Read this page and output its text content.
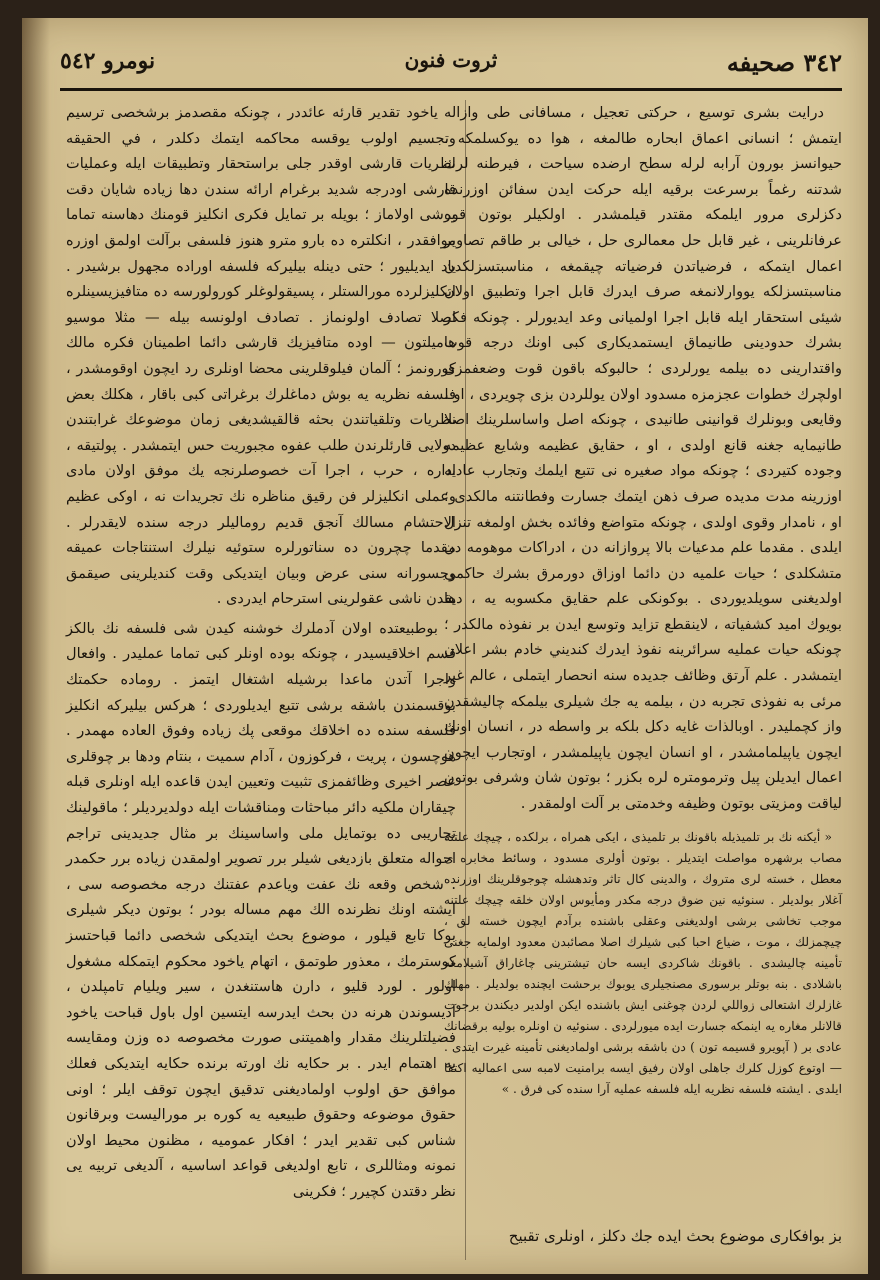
٣٤٢ صحيفه
ثروت فنون
نومرو ٥٤٢

درايت بشرى توسيع ، حركتى تعجيل ، مسافانى طى وازاله ايتمش ؛ انسانى اعماق ابحاره طالمغه ، هوا ده يوكسلمكه ، حيوانسز بورون آرابه لرله سطح ارضده سياحت ، فيرطنه لرك شدتنه رغماً برسرعت برقيه ايله حركت ايدن سفائن اوزرنده دكزلرى مرور ايلمكه مقتدر قيلمشدر . اولكيلر بوتون قوه عرفانلرينى ، غير قابل حل معمالرى حل ، خيالى بر طاقم تصاوير اعمال ايتمكه ، فرضياتدن فرضياته چيقمغه ، مناسبتسزلكدن مناسبتسزلكه يووارلانمغه صرف ايدرك قابل اجرا وتطبيق اولان شيئى استحقار ايله قابل اجرا اولميانى وعد ايديورلر . چونكه فكر بشرك حدودينى طانيماق ايستمديكارى كبى اونك درجه قوت واقتدارينى ده بيلمه يورلردى ؛ حالبوكه باقون قوت وضعفمزى اولچرك خطوات عجزمزه مسدود اولان يوللردن بزى چويردى ، او ، وقايعى وبونلرك قوانينى طانيدى ، چونكه اصل واساسلرينك اصلا طانيمايه جغنه قانع اولدى ، او ، حقايق عظيمه وشايع عظيمه وجوده كتيردى ؛ چونكه مواد صغيره نى تتبع ايلمك وتجارب عاديه اوزرينه مدت مديده صرف ذهن ايتمك جسارت وفطانتنه مالكدى ؛ او ، نامدار وقوى اولدى ، چونكه متواضع وفائده بخش اولمغه تنزل ايلدى . مقدما علم مدعيات بالا پروازانه دن ، ادراكات موهومه دن متشكلدى ؛ حيات علميه دن دائما اوزاق دورمرق بشرك حاكمى اولديغنى سويلديوردى . بوكونكى علم حقايق مكسوبه يه ، دها بويوك اميد كشفياته ، لاينقطع تزايد وتوسع ايدن بر نفوذه مالكدر ؛ چونكه حيات عمليه سرائرينه نفوذ ايدرك كنديني خادم بشر اعلان ايتمشدر . علم آرتق وظائف جديده سنه انحصار ايتملى ، عالم غير مرئى به نفوذى تجربه دن ، بيلمه يه جك شيلرى بيلمكه چاليشقدن واز كچمليدر . اوبالذات غايه دكل بلكه بر واسطه در ، انسان اونك ايچون ياپيلمامشدر ، او انسان ايچون ياپيلمشدر ، اوتجارب ايچون اعمال ايديلن پيل وترمومتره لره بكزر ؛ بوتون شان وشرفى بوتون لياقت ومزيتى بوتون وظيفه وخدمتى بر آلت اولمقدر .

« أيكنه نك بر تلميذيله باقونك بر تلميذى ، ايكى همراه ، برلكده ، چيچك علتنه مصاب برشهره مواصلت ايتديلر . بوتون أولرى مسدود ، وسائط مخابره ى معطل ، خسته لرى متروك ، والدينى كال تاثر وتدهشله چوجوقلرينك اوزرنده آغلار بولديلر . سنوئيه نين ضوق درجه مكدر ومأيوس اولان خلقه چيچك علتنه موجب تخاشى برشى اولديغنى وعقلى باشنده برآدم ايچون خسته لق ، چيچمزلك ، موت ، ضياع احبا كبى شيلرك اصلا مصائبدن معدود اولمايه جغنى تأمينه چاليشدى . باقونك شاكردى ايسه حان تيشترينى چاغاراق آشيلامغه باشلادى . بنه بوتلر برسورى مصنجيلرى يوبوك برحشت ايچنده بولديلر . مهلك غازلرك اشتعالى زواللي لردن چوغنى ايش باشنده ايكن اولدير ديكندن برجوت قالانلر مغاره يه اينمكه جسارت ايده ميورلردى . سنوئيه ن اونلره بوليه برقضانك عادى بر ( آپويرو قسيمه تون ) دن باشقه برشى اولماديغنى تأمينه غيرت ايتدى . — اوتوع كوزل كلرك جاهلى اولان رفيق ايسه برامنيت لامبه سى اعماليه اكتفا ايلدى . ايشته فلسفه نظريه ايله فلسفه عمليه آرا سنده كى فرق . »

بز بوافكارى موضوع بحث ايده جك دكلز ، اونلرى تقبيح

ياخود تقدير قارئه عائددر ، چونكه مقصدمز برشخصى ترسيم وتجسيم اولوب يوقسه محاكمه ايتمك دكلدر ، في الحقيقه نظريات قارشى اوقدر جلى براستحقار وتطبيقات ايله وعمليات قارشى اودرجه شديد برغرام ارائه سندن دها زياده شايان دقت برشى اولاماز ؛ بويله بر تمايل فكرى انكليز قومنك دهاسنه تماما موافقدر ، انكلتره ده بارو مترو هنوز فلسفى برآلت اولمق اوزره ياد ايديليور ؛ حتى دينله بيليركه فلسفه اوراده مجهول برشيدر . انكليزلرده مورالستلر ، پسيقولوغلر كورولورسه ده متافيزيسينلره اصلا تصادف اولونماز . تصادف اولونسه بيله — مثلا موسيو هاميلتون — اوده متافيزيك قارشى دائما اطمينان فكره مالك كورونمز ؛ آلمان فيلوقلرينى محضا اونلرى رد ايچون اوقومشدر ، فلسفه نظريه يه بوش دماغلرك برغراتى كبى باقار ، هكلك بعض نظريات وتلقياتندن بحثه قالقيشديغى زمان موضوعك غرابتندن دولايى قارئلرندن طلب عفوه مجبوريت حس ايتمشدر . پولتيقه ، اداره ، حرب ، اجرا آت خصوصلرنجه يك موفق اولان مادى وعملى انكليزلر فن رقيق مناظره نك تجريدات نه ، اوكى عظيم الاحتشام مسالك آنجق قديم روماليلر درجه سنده لايقدرلر . مقدما چچرون ده سناتورلره ستوئيه نيلرك استنتاجات عميقه وجسورانه سنى عرض وبيان ايتديكى وقت كنديلرينى صيقمق يقدن ناشى عقولرينى استرحام ايدردى .

بوطبيعتده اولان آدملرك خوشنه كيدن شى فلسفه نك بالكز قسم اخلاقيسيدر ، چونكه بوده اونلر كبى تماما عمليدر . وافعال واجرا آتدن ماعدا برشيله اشتغال ايتمز . روماده حكمتك بوقسمندن باشقه برشى تتبع ايديلوردى ؛ هركس بيليركه انكليز فلسفه سنده ده اخلاقك موقعى پك زياده وفوق العاده مهمدر . هوچسون ، پريت ، فركوزون ، آدام سميت ، بنتام ودها بر چوقلرى عصر اخيرى وظائفمزى تثبيت وتعيين ايدن قاعده ايله اونلرى قبله چيقاران ملكيه دائر مباحثات ومناقشات ايله دولديرديلر ؛ ماقولينك تجاريبى ده بوتمايل ملى واساسينك بر مثال جديدينى تراجم احواله متعلق بازديغى شيلر برر تصوير اولمقدن زياده برر حكمدر . شخص وقعه نك عفت وياعدم عفتنك درجه مخصوصه سى ، ايشته اونك نظرنده الك مهم مساله بودر ؛ بوتون ديكر شيلرى بوكا تابع قيلور ، موضوع بحث ايتديكى شخصى دائما قباحتسز كوسترمك ، معذور طوتمق ، اتهام ياخود محكوم ايتمكله مشغول اولور . لورد قليو ، دارن هاستنغدن ، سير ويليام تامپلدن ، آديسوندن هرنه دن بحث ايدرسه ايتسين اول باول قباحت ياخود فضيلتلرينك مقدار واهميتنى صورت مخصوصه ده وزن ومقايسه يه اهتمام ايدر . بر حكايه نك اورته برنده حكايه ايتديكى فعلك موافق حق اولوب اولماديغنى تدقيق ايچون توقف ايلر ؛ اونى حقوق موضوعه وحقوق طبيعيه يه كوره بر موراليست وبرقانون شناس كبى تقدير ايدر ؛ افكار عموميه ، مظنون محيط اولان نمونه ومثاللرى ، تابع اولديغى قواعد اساسيه ، آلديغى تربيه يى نظر دقتدن كچيرر ؛ فكرينى
